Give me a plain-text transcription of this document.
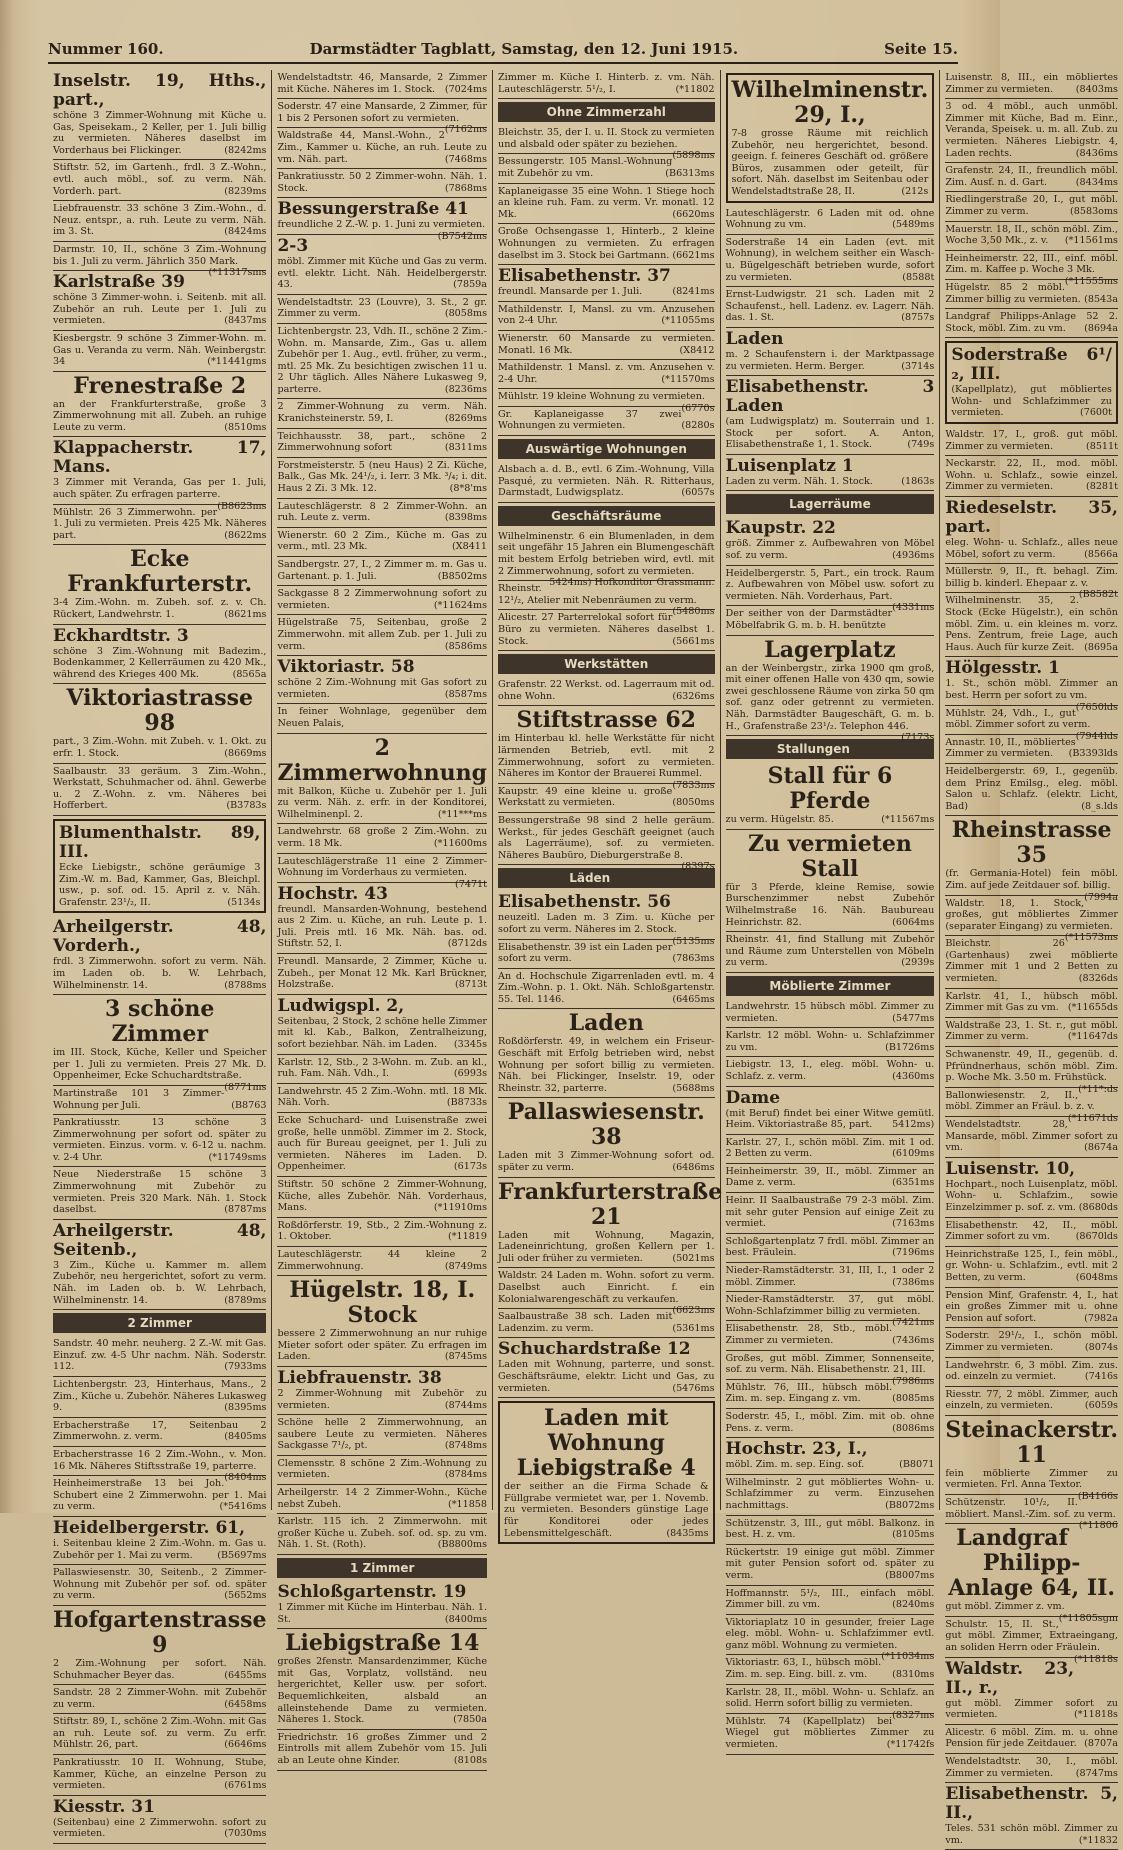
Nummer 160.	Darmstädter Tagblatt, Samstag, den 12. Juni 1915.	Seite 15.
Inselstr. 19, Hths., part.,
schöne 3 Zimmer-Wohnung mit Küche u. Gas, Speisekam., 2 Keller, per 1. Juli billig zu vermieten. Näheres daselbst im Vorderhaus bei Flickinger.	(8242ms
Stiftstr. 52, im Gartenh., frdl. 3 Z.-Wohn., evtl. auch möbl., sof. zu verm. Näh. Vorderh. part.	(8239ms
Liebfrauenstr. 33 schöne 3 Zim.-Wohn., d. Neuz. entspr., a. ruh. Leute zu verm. Näh. im 3. St.	(8424ms
Darmstr. 10, II., schöne 3 Zim.-Wohnung bis 1. Juli zu verm. Jährlich 350 Mark.
(*11317sms
Karlstraße 39
schöne 3 Zimmer-wohn. i. Seitenb. mit all. Zubehör an ruh. Leute per 1. Juli zu vermieten.	(8437ms
Kiesbergstr. 9 schöne 3 Zimmer-Wohn. m. Gas u. Veranda zu verm. Näh. Weinbergstr. 34	(*11441gms
Frenestraße 2
an der Frankfurterstraße, große 3 Zimmerwohnung mit all. Zubeh. an ruhige Leute zu verm.	(8510ms
Klappacherstr. 17, Mans.
3 Zimmer mit Veranda, Gas per 1. Juli, auch später. Zu erfragen parterre.
(B8623ms
Mühlstr. 26 3 Zimmerwohn. per 1. Juli zu vermieten. Preis 425 Mk. Näheres part.	(8622ms
Ecke Frankfurterstr.
3-4 Zim.-Wohn. m. Zubeh. sof. z. v. Ch. Rückert, Landwehrstr. 1.	(8621ms
Eckhardtstr. 3
schöne 3 Zim.-Wohnung mit Badezim., Bodenkammer, 2 Kellerräumen zu 420 Mk., während des Krieges 400 Mk.	(8565a
Viktoriastrasse 98
part., 3 Zim.-Wohn. mit Zubeh. v. 1. Okt. zu erfr. 1. Stock.	(8669ms
Saalbaustr. 33 geräum. 3 Zim.-Wohn., Werkstatt, Schuhmacher od. ähnl. Gewerbe u. 2 Z.-Wohn. z. vm. Näheres bei Hofferbert.	(B3783s
Blumenthalstr. 89, III.
Ecke Liebigstr., schöne geräumige 3 Zim.-W. m. Bad, Kammer, Gas, Bleichpl. usw., p. sof. od. 15. April z. v. Näh. Grafenstr. 23¹/₂, II.	(5134s
Arheilgerstr. 48, Vorderh.,
frdl. 3 Zimmerwohn. sofort zu verm. Näh. im Laden ob. b. W. Lehrbach, Wilhelminenstr. 14.	(8788ms
3 schöne Zimmer
im III. Stock, Küche, Keller und Speicher per 1. Juli zu vermieten. Preis 27 Mk. D. Oppenheimer, Ecke Schuchardtstraße.
(8771ms
Martinstraße 101 3 Zimmer-Wohnung per Juli.	(B8763
Pankratiusstr. 13 schöne 3 Zimmerwohnung per sofort od. später zu vermieten. Einzus. vorm. v. 6-12 u. nachm. v. 2-4 Uhr.	(*11749sms
Neue Niederstraße 15 schöne 3 Zimmerwohnung mit Zubehör zu vermieten. Preis 320 Mark. Näh. 1. Stock daselbst.	(8787ms
Arheilgerstr. 48, Seitenb.,
3 Zim., Küche u. Kammer m. allem Zubehör, neu hergerichtet, sofort zu verm. Näh. im Laden ob. b. W. Lehrbach, Wilhelminenstr. 14.	(8789ms
2 Zimmer
Sandstr. 40 mehr. neuherg. 2 Z.-W. mit Gas. Einzuf. zw. 4-5 Uhr nachm. Näh. Soderstr. 112.	(7933ms
Lichtenbergstr. 23, Hinterhaus, Mans., 2 Zim., Küche u. Zubehör. Näheres Lukasweg 9.	(8395ms
Erbacherstraße 17, Seitenbau 2 Zimmerwohn. z. verm.	(8405ms
Erbacherstrasse 16 2 Zim.-Wohn., v. Mon. 16 Mk. Näheres Stiftsstraße 19, parterre.
(8404ms
Heinheimerstraße 13 bei Joh. Schubert eine 2 Zimmerwohn. per 1. Mai zu verm.	(*5416ms
Heidelbergerstr. 61,
i. Seitenbau kleine 2 Zim.-Wohn. m. Gas u. Zubehör per 1. Mai zu verm.	(B5697ms
Pallaswiesenstr. 30, Seitenb., 2 Zimmer-Wohnung mit Zubehör per sof. od. später zu verm.	(5652ms
Hofgartenstrasse 9
2 Zim.-Wohnung per sofort. Näh. Schuhmacher Beyer das.	(6455ms
Sandstr. 28 2 Zimmer-Wohn. mit Zubehör zu verm.	(6458ms
Stiftstr. 89, I., schöne 2 Zim.-Wohn. mit Gas an ruh. Leute sof. zu verm. Zu erfr. Mühlstr. 26, part.	(6646ms
Pankratiusstr. 10 II. Wohnung, Stube, Kammer, Küche, an einzelne Person zu vermieten.	(6761ms
Kiesstr. 31
(Seitenbau) eine 2 Zimmerwohn. sofort zu vermieten.	(7030ms
Wendelstadtstr. 46, Mansarde, 2 Zimmer mit Küche. Näheres im 1. Stock. (7024ms
Soderstr. 47 eine Mansarde, 2 Zimmer, für 1 bis 2 Personen sofort zu vermieten.
(7162ms
Waldstraße 44, Mansl.-Wohn., 2 Zim., Kammer u. Küche, an ruh. Leute zu vm. Näh. part.	(7468ms
Pankratiusstr. 50 2 Zimmer-wohn. Näh. 1. Stock.	(7868ms
Bessungerstraße 41
freundliche 2 Z.-W. p. 1. Juni zu vermieten.
(B7542ms
2-3
möbl. Zimmer mit Küche und Gas zu verm. evtl. elektr. Licht. Näh. Heidelbergerstr. 43.	(7859a
Wendelstadtstr. 23 (Louvre), 3. St., 2 gr. Zimmer zu verm.	(8058ms
Lichtenbergstr. 23, Vdh. II., schöne 2 Zim.-Wohn. m. Mansarde, Zim., Gas u. allem Zubehör per 1. Aug., evtl. früher, zu verm., mtl. 25 Mk. Zu besichtigen zwischen 11 u. 2 Uhr täglich. Alles Nähere Lukasweg 9, parterre.	(8236ms
2 Zimmer-Wohnung zu verm. Näh. Kranichsteinerstr. 59, I.	(8269ms
Teichhausstr. 38, part., schöne 2 Zimmerwohnung sofort	(8311ms
Forstmeisterstr. 5 (neu Haus) 2 Zi. Küche, Balk., Gas Mk. 24¹/₂, i. Ierr. 3 Mk. ³/₄; i. dit. Haus 2 Zi. 3 Mk. 12.	(8*8'ms
Lauteschlägerstr. 8 2 Zimmer-Wohn. an ruh. Leute z. verm.	(8398ms
Wienerstr. 60 2 Zim., Küche m. Gas zu verm., mtl. 23 Mk.	(X8411
Sandbergstr. 27, I., 2 Zimmer m. m. Gas u. Gartenant. p. 1. Juli.	(B8502ms
Sackgasse 8 2 Zimmerwohnung sofort zu vermieten.	(*11624ms
Hügelstraße 75, Seitenbau, große 2 Zimmerwohn. mit allem Zub. per 1. Juli zu verm.	(8586ms
Viktoriastr. 58
schöne 2 Zim.-Wohnung mit Gas sofort zu vermieten.	(8587ms
In feiner Wohnlage, gegenüber dem Neuen Palais,
2 Zimmerwohnung
mit Balkon, Küche u. Zubehör per 1. Juli zu verm. Näh. z. erfr. in der Konditorei, Wilhelminenpl. 2.	(*11***ms
Landwehrstr. 68 große 2 Zim.-Wohn. zu verm. 18 Mk.	(*11600ms
Lauteschlägerstraße 11 eine 2 Zimmer-Wohnung im Vorderhaus zu vermieten.
(7471t
Hochstr. 43
freundl. Mansarden-Wohnung, bestehend aus 2 Zim. u. Küche, an ruh. Leute p. 1. Juli. Preis mtl. 16 Mk. Näh. bas. od. Stiftstr. 52, I.	(8712ds
Freundl. Mansarde, 2 Zimmer, Küche u. Zubeh., per Monat 12 Mk. Karl Brückner, Holzstraße.	(8713t
Ludwigspl. 2,
Seitenbau, 2 Stock, 2 schöne helle Zimmer mit kl. Kab., Balkon, Zentralheizung, sofort beziehbar. Näh. im Laden. (3345s
Karlstr. 12, Stb., 2 3-Wohn. m. Zub. an kl., ruh. Fam. Näh. Vdh., I.	(6993s
Landwehrstr. 45 2 Zim.-Wohn. mtl. 18 Mk. Näh. Vorh.	(B8733s
Ecke Schuchard- und Luisenstraße zwei große, helle unmöbl. Zimmer im 2. Stock, auch für Bureau geeignet, per 1. Juli zu vermieten. Näheres im Laden. D. Oppenheimer.	(6173s
Stiftstr. 50 schöne 2 Zimmer-Wohnung, Küche, alles Zubehör. Näh. Vorderhaus, Mans.	(*11910ms
Roßdörferstr. 19, Stb., 2 Zim.-Wohnung z. 1. Oktober.	(*11819
Lauteschlägerstr. 44 kleine 2 Zimmerwohnung.	(8749ms
Hügelstr. 18, I. Stock
bessere 2 Zimmerwohnung an nur ruhige Mieter sofort oder später. Zu erfragen im Laden.	(8745ms
Liebfrauenstr. 38
2 Zimmer-Wohnung mit Zubehör zu vermieten.	(8744ms
Schöne helle 2 Zimmerwohnung, an saubere Leute zu vermieten. Näheres Sackgasse 7¹/₂, pt.	(8748ms
Clemensstr. 8 schöne 2 Zim.-Wohnung zu vermieten.	(8784ms
Arheilgerstr. 14 2 Zimmer-Wohn., Küche nebst Zubeh.	(*11858
Karlstr. 115 ich. 2 Zimmerwohn. mit großer Küche u. Zubeh. sof. od. sp. zu vm. Näh. 1. St. (Roth).	(B8800ms
1 Zimmer
Schloßgartenstr. 19
1 Zimmer mit Küche im Hinterbau. Näh. 1. St.	(8400ms
Liebigstraße 14
großes 2fenstr. Mansardenzimmer, Küche mit Gas, Vorplatz, vollständ. neu hergerichtet, Keller usw. per sofort. Bequemlichkeiten, alsbald an alleinstehende Dame zu vermieten. Näheres 1. Stock.	(7850a
Friedrichstr. 16 großes Zimmer und 2 Eintrolls mit allem Zubehör vom 15. Juli ab an Leute ohne Kinder.	(8108s
Zimmer m. Küche I. Hinterb. z. vm. Näh. Lauteschlägerstr. 5¹/₂, I.	(*11802
Ohne Zimmerzahl
Bleichstr. 35, der I. u. II. Stock zu vermieten und alsbald oder später zu beziehen.
(5898ms
Bessungerstr. 105 Mansl.-Wohnung mit Zubehör zu vm.	(B6313ms
Kaplaneigasse 35 eine Wohn. 1 Stiege hoch an kleine ruh. Fam. zu verm. Vr. monatl. 12 Mk.	(6620ms
Große Ochsengasse 1, Hinterb., 2 kleine Wohnungen zu vermieten. Zu erfragen daselbst im 3. Stock bei Gartmann. (6621ms
Elisabethenstr. 37
freundl. Mansarde per 1. Juli.	(8241ms
Mathildenstr. I, Mansl. zu vm. Anzusehen von 2-4 Uhr.	(*11055ms
Wienerstr. 60 Mansarde zu vermieten. Monatl. 16 Mk.	(X8412
Mathildenstr. 1 Mansl. z. vm. Anzusehen v. 2-4 Uhr.	(*11570ms
Mühlstr. 19 kleine Wohnung zu vermieten.
(6770s
Gr. Kaplaneigasse 37 zwei Wohnungen zu vermieten.	(8280s
Auswärtige Wohnungen
Alsbach a. d. B., evtl. 6 Zim.-Wohnung, Villa Pasqué, zu vermieten. Näh. R. Ritterhaus, Darmstadt, Ludwigsplatz.	(6057s
Geschäftsräume
Wilhelminenstr. 6 ein Blumenladen, in dem seit ungefähr 15 Jahren ein Blumengeschäft mit bestem Erfolg betrieben wird, evtl. mit 2 Zimmerwohnung, sofort zu vermieten.
5424ms) Hofkonditor Grassmann.
Rheinstr. 12¹/₂, Atelier mit Nebenräumen zu verm.
(5480ms
Alicestr. 27 Parterrelokal sofort für Büro zu vermieten. Näheres daselbst 1. Stock.	(5661ms
Werkstätten
Grafenstr. 22 Werkst. od. Lagerraum mit od. ohne Wohn.	(6326ms
Stiftstrasse 62
im Hinterbau kl. helle Werkstätte für nicht lärmenden Betrieb, evtl. mit 2 Zimmerwohnung, sofort zu vermieten. Näheres im Kontor der Brauerei Rummel.
(7833ms
Kaupstr. 49 eine kleine u. große Werkstatt zu vermieten.	(8050ms
Bessungerstraße 98 sind 2 helle geräum. Werkst., für jedes Geschäft geeignet (auch als Lagerräume), sof. zu vermieten. Näheres Baubüro, Dieburgerstraße 8.
(8397s
Läden
Elisabethenstr. 56
neuzeitl. Laden m. 3 Zim. u. Küche per sofort zu verm. Näheres im 2. Stock.
(5135ms
Elisabethenstr. 39 ist ein Laden per sofort zu verm.	(7863ms
An d. Hochschule Zigarrenladen evtl. m. 4 Zim.-Wohn. p. 1. Okt. Näh. Schloßgartenstr. 55. Tel. 1146.	(6465ms
Laden
Roßdörferstr. 49, in welchem ein Friseur-Geschäft mit Erfolg betrieben wird, nebst Wohnung per sofort billig zu vermieten. Näh. bei Flickinger, Inselstr. 19, oder Rheinstr. 32, parterre.	(5688ms
Pallaswiesenstr. 38
Laden mit 3 Zimmer-Wohnung sofort od. später zu verm.	(6486ms
Frankfurterstraße 21
Laden mit Wohnung, Magazin, Ladeneinrichtung, großen Kellern per 1. Juli oder früher zu vermieten.	(5021ms
Waldstr. 24 Laden m. Wohn. sofort zu verm. Daselbst auch Einricht. f. ein Kolonialwarengeschäft zu verkaufen.
(6623ms
Saalbaustraße 38 sch. Laden mit Ladenzim. zu verm.	(5361ms
Schuchardstraße 12
Laden mit Wohnung, parterre, und sonst. Geschäftsräume, elektr. Licht und Gas, zu vermieten.	(5476ms
Laden mit Wohnung Liebigstraße 4
der seither an die Firma Schade & Füllgrabe vermietet war, per 1. Novemb. zu vermieten. Besonders günstige Lage für Konditorei oder jedes Lebensmittelgeschäft.	(8435ms
Wilhelminenstr. 29, I.,
7-8 grosse Räume mit reichlich Zubehör, neu hergerichtet, besond. geeign. f. feineres Geschäft od. größere Büros, zusammen oder geteilt, für sofort. Näh. daselbst im Seitenbau oder Wendelstadtstraße 28, II.	(212s
Lauteschlägerstr. 6 Laden mit od. ohne Wohnung zu vm.	(5489ms
Soderstraße 14 ein Laden (evt. mit Wohnung), in welchem seither ein Wasch- u. Bügelgeschäft betrieben wurde, sofort zu vermieten.	(8588t
Ernst-Ludwigstr. 21 sch. Laden mit 2 Schaufenst., hell. Ladenz. ev. Lagerr. Näh. das. 1. St.	(8757s
Laden
m. 2 Schaufenstern i. der Marktpassage zu vermieten. Herm. Berger.	(3714s
Elisabethenstr. 3 Laden
(am Ludwigsplatz) m. Souterrain und 1. Stock per sofort. A. Anton, Elisabethenstraße 1, 1. Stock.	(749s
Luisenplatz 1
Laden zu verm. Näh. 1. Stock.	(1863s
Lagerräume
Kaupstr. 22
größ. Zimmer z. Aufbewahren von Möbel sof. zu verm.	(4936ms
Heidelbergerstr. 5, Part., ein trock. Raum z. Aufbewahren von Möbel usw. sofort zu vermieten. Näh. Vorderhaus, Part.
(4331ms
Der seither von der Darmstädter Möbelfabrik G. m. b. H. benützte
Lagerplatz
an der Weinbergstr., zirka 1900 qm groß, mit einer offenen Halle von 430 qm, sowie zwei geschlossene Räume von zirka 50 qm sof. ganz oder getrennt zu vermieten. Näh. Darmstädter Baugeschäft, G. m. b. H., Grafenstraße 23¹/₂. Telephon 446.
(7173s
Stallungen
Stall für 6 Pferde
zu verm. Hügelstr. 85.	(*11567ms
Zu vermieten Stall
für 3 Pferde, kleine Remise, sowie Burschenzimmer nebst Zubehör Wilhelmstraße 16. Näh. Baubureau Heinrichstr. 82.	(6064ms
Rheinstr. 41, find Stallung mit Zubehör und Räume zum Unterstellen von Möbeln zu verm.	(2939s
Möblierte Zimmer
Landwehrstr. 15 hübsch möbl. Zimmer zu vermieten.	(5477ms
Karlstr. 12 möbl. Wohn- u. Schlafzimmer zu vm.	(B1726ms
Liebigstr. 13, I., eleg. möbl. Wohn- u. Schlafz. z. verm.	(4360ms
Dame
(mit Beruf) findet bei einer Witwe gemütl. Heim. Viktoriastraße 85, part. 5412ms)
Karlstr. 27, I., schön möbl. Zim. mit 1 od. 2 Betten zu verm.	(6109ms
Heinheimerstr. 39, II., möbl. Zimmer an Dame z. verm.	(6351ms
Heinr. II Saalbaustraße 79 2-3 möbl. Zim. mit sehr guter Pension auf einige Zeit zu vermiet.	(7163ms
Schloßgartenplatz 7 frdl. möbl. Zimmer an best. Fräulein.	(7196ms
Nieder-Ramstädterstr. 31, III, I., 1 oder 2 möbl. Zimmer.	(7386ms
Nieder-Ramstädterstr. 37, gut möbl. Wohn-Schlafzimmer billig zu vermieten.
(7421ms
Elisabethenstr. 28, Stb., möbl. Zimmer zu vermieten.	(7436ms
Großes, gut möbl. Zimmer, Sonnenseite, sof. zu verm. Näh. Elisabethenstr. 21, III.
(7986ms
Mühlstr. 76, III., hübsch möbl. Zim. m. sep. Eingang z. vm.	(8085ms
Soderstr. 45, I., möbl. Zim. mit ob. ohne Pens. z. verm.	(8086ms
Hochstr. 23, I.,
möbl. Zim. m. sep. Eing. sof.	(B8071
Wilhelminstr. 2 gut möbliertes Wohn- u. Schlafzimmer zu verm. Einzusehen nachmittags.	(B8072ms
Schützenstr. 3, III., gut möbl. Balkonz. in best. H. z. vm.	(8105ms
Rückertstr. 19 einige gut möbl. Zimmer mit guter Pension sofort od. später zu verm.	(B8007ms
Hoffmannstr. 5¹/₂, III., einfach möbl. Zimmer bill. zu vm.	(8240ms
Viktoriaplatz 10 in gesunder, freier Lage eleg. möbl. Wohn- u. Schlafzimmer evtl. ganz möbl. Wohnung zu vermieten.
(*11034ms
Viktoriastr. 63, I., hübsch möbl. Zim. m. sep. Eing. bill. z. vm.	(8310ms
Karlstr. 28, II., möbl. Wohn- u. Schlafz. an solid. Herrn sofort billig zu vermieten.
(8327ms
Mühlstr. 74 (Kapellplatz) bei Wiegel gut möbliertes Zimmer zu vermieten.	(*11742fs
Luisenstr. 8, III., ein möbliertes Zimmer zu vermieten. (8403ms
3 od. 4 möbl., auch unmöbl. Zimmer mit Küche, Bad m. Einr., Veranda, Speisek. u. m. all. Zub. zu vermieten. Näheres Liebigstr. 4, Laden rechts.	(8436ms
Grafenstr. 24, II., freundlich möbl. Zim. Ausf. n. d. Gart.	(8434ms
Riedlingerstraße 20, I., gut möbl. Zimmer zu verm.	(8583oms
Mauerstr. 18, II., schön möbl. Zim., Woche 3,50 Mk., z. v. (*11561ms
Heinheimerstr. 22, III., einf. möbl. Zim. m. Kaffee p. Woche 3 Mk.
(*11555ms
Hügelstr. 85 2 möbl. Zimmer billig zu vermieten. (8543a
Landgraf Philipps-Anlage 52 2. Stock, möbl. Zim. zu vm. (8694a
Soderstraße 6¹/₂, III.
(Kapellplatz), gut möbliertes Wohn- und Schlafzimmer zu vermieten.	(7600t
Waldstr. 17, I., groß. gut möbl. Zimmer zu vermieten.	(8511t
Neckarstr. 22, II., mod. möbl. Wohn. u. Schlafz., sowie einzel. Zimmer zu vermieten.	(8281t
Riedeselstr. 35, part.
eleg. Wohn- u. Schlafz., alles neue Möbel, sofort zu verm.	(8566a
Müllerstr. 9, II., ft. behagl. Zim. billig b. kinderl. Ehepaar z. v.
(B8582t
Wilhelminenstr. 35, 2. Stock (Ecke Hügelstr.), ein schön möbl. Zim. u. ein kleines m. vorz. Pens. Zentrum, freie Lage, auch Haus. Auch für kurze Zeit. (8695a
Hölgesstr. 1
1. St., schön möbl. Zimmer an best. Herrn per sofort zu vm.
(7650lds
Mühlstr. 24, Vdh., I., gut möbl. Zimmer sofort zu verm.
(7944lds
Annastr. 10, II., möbliertes Zimmer zu vermieten. (B3393lds
Heidelbergerstr. 69, I., gegenüb. dem Prinz Emilsg., eleg. möbl. Salon u. Schlafz. (elektr. Licht, Bad)	(8_s.lds
Rheinstrasse 35
(fr. Germania-Hotel) fein möbl. Zim. auf jede Zeitdauer sof. billig.
(7994a
Waldstr. 18, 1. Stock, großes, gut möbliertes Zimmer (separater Eingang) zu vermieten.
(*11573ms
Bleichstr. 26 (Gartenhaus) zwei möblierte Zimmer mit 1 und 2 Betten zu vermieten.	(8326ds
Karlstr. 41, I., hübsch möbl. Zimmer mit Gas zu vm. (*11655ds
Waldstraße 23, 1. St. r., gut möbl. Zimmer zu verm.	(*11647ds
Schwanenstr. 49, II., gegenüb. d. Pfründnerhaus, schön möbl. Zim. p. Woche Mk. 3.50 m. Frühstück.
(*11*:ds
Ballonwiesenstr. 2, II., möbl. Zimmer an Fräul. b. z. v.
(*11671ds
Wendelstadtstr. 28, Mansarde, möbl. Zimmer sofort zu vm.	(8674a
Luisenstr. 10,
Hochpart., noch Luisenplatz, möbl. Wohn- u. Schlafzim., sowie Einzelzimmer p. sof. z. vm. (8680ds
Elisabethenstr. 42, II., möbl. Zimmer sofort zu vm.	(8670lds
Heinrichstraße 125, I., fein möbl., gr. Wohn- u. Schlafzim., evtl. mit 2 Betten, zu verm.	(6048ms
Pension Minf, Grafenstr. 4, I., hat ein großes Zimmer mit u. ohne Pension auf sofort.	(7982a
Soderstr. 29¹/₂, I., schön möbl. Zimmer zu vermieten.	(8074s
Landwehrstr. 6, 3 möbl. Zim. zus. od. einzeln zu vermiet.	(7416s
Riesstr. 77, 2 möbl. Zimmer, auch einzeln, zu vermieten.	(6059s
Steinackerstr. 11
fein möblierte Zimmer zu vermieten. Frl. Anna Textor.
(B4166s
Schützenstr. 10¹/₂, II. möbliert. Mansl.-Zim. sof. zu verm.
(*11806
Landgraf Philipp-Anlage 64, II.
gut möbl. Zimmer z. vm.
(*11805sgm
Schulstr. 15, II. St., gut möbl. Zimmer, Extraeingang, an soliden Herrn oder Fräulein.
(*11818s
Waldstr. 23, II., r.,
gut möbl. Zimmer sofort zu vermieten.	(*11818s
Alicestr. 6 möbl. Zim. m. u. ohne Pension für jede Zeitdauer. (8707a
Wendelstadtstr. 30, I., möbl. Zimmer zu vermieten. (8747ms
Elisabethenstr. 5, II.,
Teles. 531 schön möbl. Zimmer zu vm.	(*11832
